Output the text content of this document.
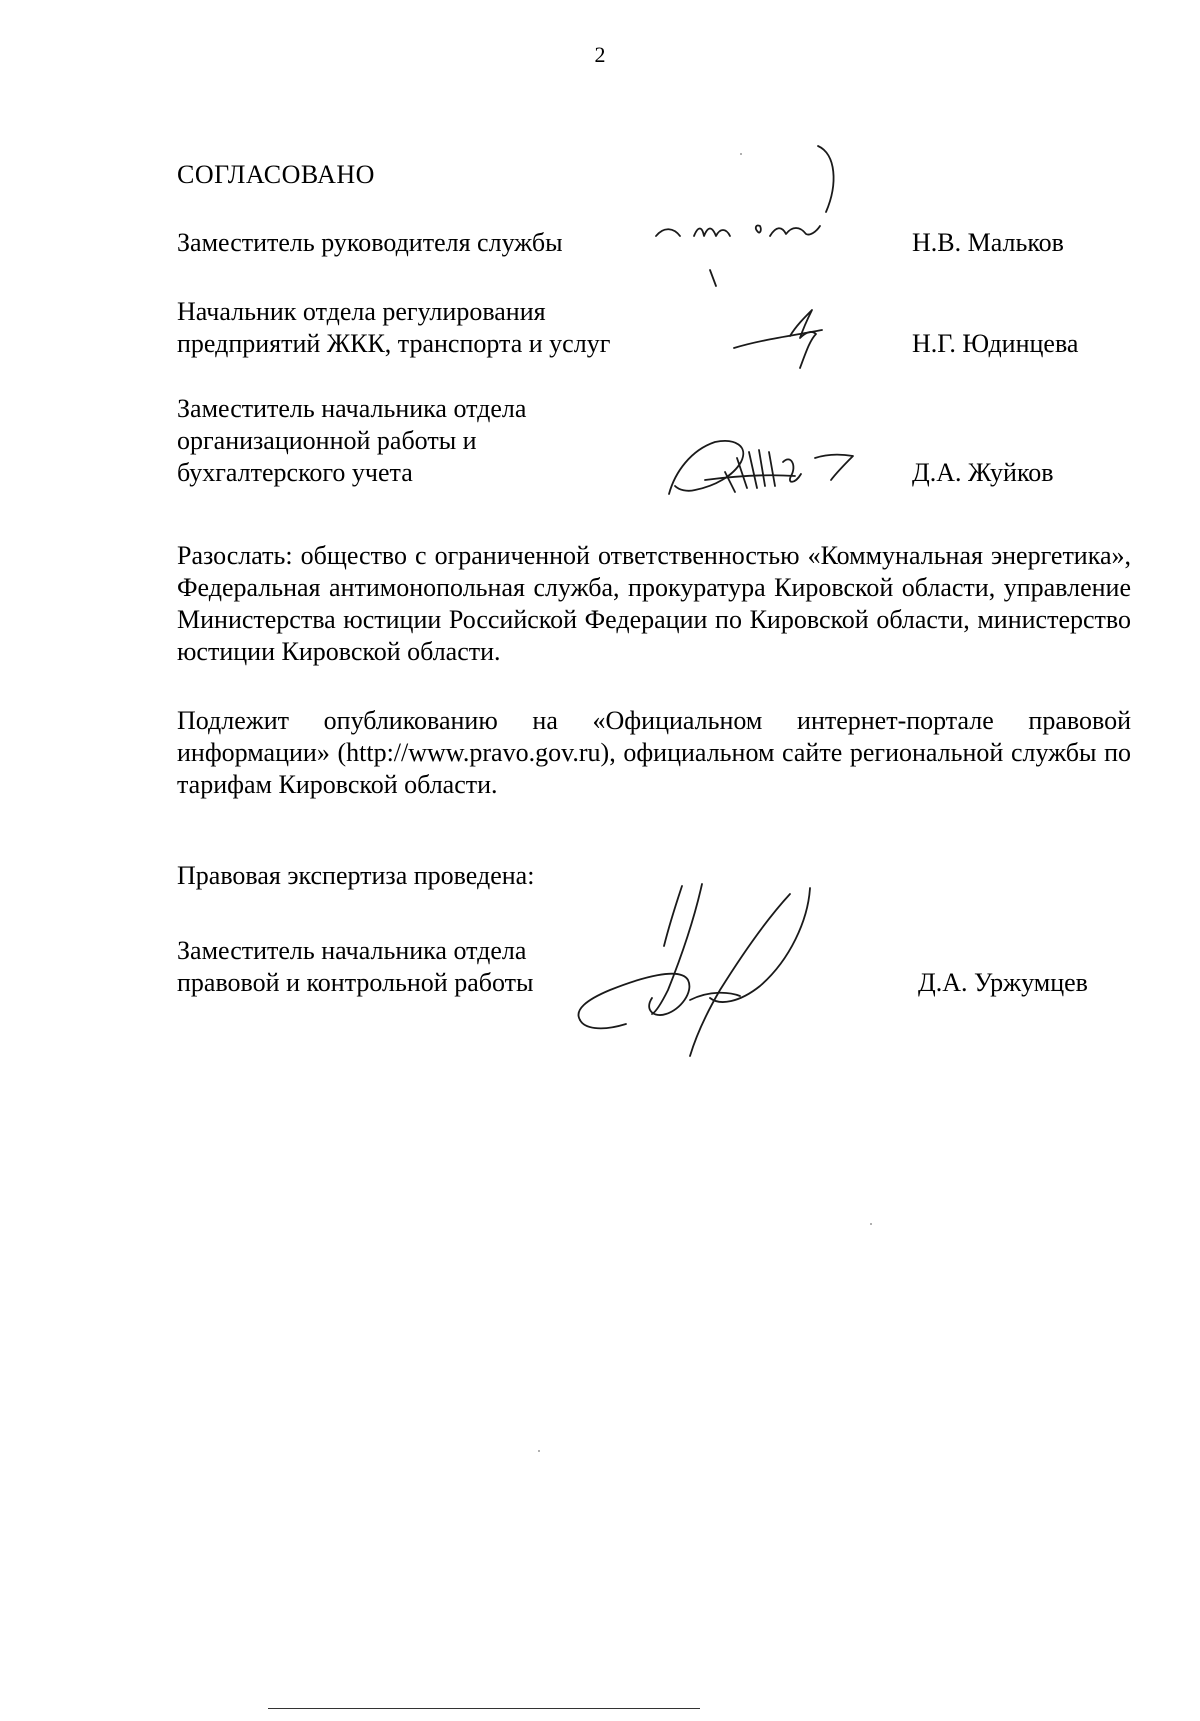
2
СОГЛАСОВАНО
Заместитель руководителя службы	Н.В. Мальков
Начальник отдела регулирования
предприятий ЖКК, транспорта и услуг	Н.Г. Юдинцева
Заместитель начальника отдела
организационной работы и
бухгалтерского учета	Д.А. Жуйков
Разослать: общество с ограниченной ответственностью «Коммунальная энергетика», Федеральная антимонопольная служба, прокуратура Кировской области, управление Министерства юстиции Российской Федерации по Кировской области, министерство юстиции Кировской области.
Подлежит опубликованию на «Официальном интернет-портале правовой информации» (http://www.pravo.gov.ru), официальном сайте региональной службы по тарифам Кировской области.
Правовая экспертиза проведена:
Заместитель начальника отдела
правовой и контрольной работы	Д.А. Уржумцев
